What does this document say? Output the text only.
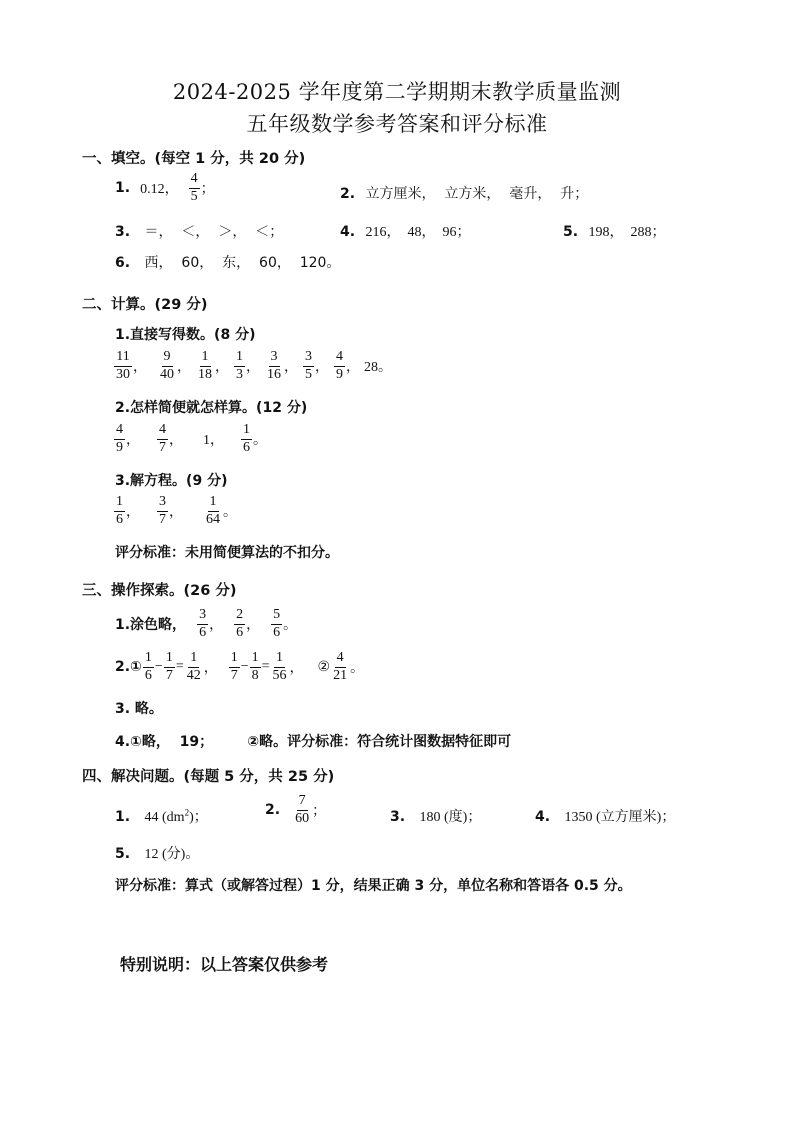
2024-2025 学年度第二学期期末教学质量监测
五年级数学参考答案和评分标准
一、填空。(每空 1 分，共 20 分)
1. 0.12， $\frac{4}{5}$ ；	2. 立方厘米，  立方米，  毫升，  升；
3. ＝，  ＜，  ＞，  ＜；	4. 216，  48，  96；	5. 198，  288；
6. 西，  60，  东，  60，  120。
二、计算。(29 分)
1.直接写得数。(8 分)
$\frac{11}{30}$ ， $\frac{9}{40}$ ， $\frac{1}{18}$ ， $\frac{1}{3}$ ， $\frac{3}{16}$ ， $\frac{3}{5}$ ， $\frac{4}{9}$ ， 28。
2.怎样简便就怎样算。(12 分)
$\frac{4}{9}$ ， $\frac{4}{7}$ ， 1， $\frac{1}{6}$ 。
3.解方程。(9 分)
$\frac{1}{6}$ ， $\frac{3}{7}$ ， $\frac{1}{64}$ 。
评分标准：未用简便算法的不扣分。
三、操作探索。(26 分)
1.涂色略， $\frac{3}{6}$ ， $\frac{2}{6}$ ， $\frac{5}{6}$ 。
2.① $\frac{1}{6} - \frac{1}{7} = \frac{1}{42}$ ， $\frac{1}{7} - \frac{1}{8} = \frac{1}{56}$ ， ② $\frac{4}{21}$ 。
3. 略。
4.①略，  19；       ②略。评分标准：符合统计图数据特征即可
四、解决问题。(每题 5 分，共 25 分)
1. 44 $(dm^2)$；	2. $\frac{7}{60}$ ；	3. 180 (度)；	4. 1350 (立方厘米)；
5. 12 (分)。
评分标准：算式（或解答过程）1 分，结果正确 3 分，单位名称和答语各 0.5 分。
特别说明：以上答案仅供参考
